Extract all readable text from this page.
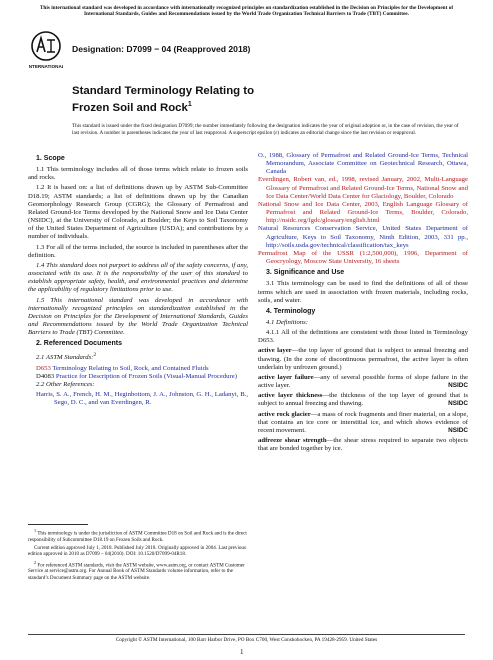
This international standard was developed in accordance with internationally recognized principles on standardization established in the Decision on Principles for the Development of International Standards, Guides and Recommendations issued by the World Trade Organization Technical Barriers to Trade (TBT) Committee.
INTERNATIONAL
Designation: D7099 − 04 (Reapproved 2018)
Standard Terminology Relating to Frozen Soil and Rock$^1$
This standard is issued under the fixed designation D7099; the number immediately following the designation indicates the year of original adoption or, in the case of revision, the year of last revision. A number in parentheses indicates the year of last reapproval. A superscript epsilon (ε) indicates an editorial change since the last revision or reapproval.
1. Scope
1.1 This terminology includes all of those terms which relate to frozen soils and rocks.
1.2 It is based on: a list of definitions drawn up by ASTM Sub-Committee D18.19; ASTM standards; a list of definitions drawn up by the Canadian Geomorphology Research Group (CGRG); the Glossary of Permafrost and Related Ground-Ice Terms developed by the National Snow and Ice Data Center (NSIDC), at the University of Colorado, at Boulder; the Keys to Soil Taxonomy of the United States Department of Agriculture (USDA); and contributions by a number of individuals.
1.3 For all of the terms included, the source is included in parentheses after the definition.
1.4 This standard does not purport to address all of the safety concerns, if any, associated with its use. It is the responsibility of the user of this standard to establish appropriate safety, health, and environmental practices and determine the applicability of regulatory limitations prior to use.
1.5 This international standard was developed in accordance with internationally recognized principles on standardization established in the Decision on Principles for the Development of International Standards, Guides and Recommendations issued by the World Trade Organization Technical Barriers to Trade (TBT) Committee.
2. Referenced Documents
2.1 ASTM Standards:$^2$
D653 Terminology Relating to Soil, Rock, and Contained Fluids
D4083 Practice for Description of Frozen Soils (Visual-Manual Procedure)
2.2 Other References:
Harris, S. A., French, H. M., Heginbottom, J. A., Johnston, G. H., Ladanyi, B., Sego, D. C., and van Everdingen, R.
$^1$ This terminology is under the jurisdiction of ASTM Committee D18 on Soil and Rock and is the direct responsibility of Subcommittee D18.19 on Frozen Soils and Rock.
Current edition approved July 1, 2018. Published July 2018. Originally approved in 2004. Last previous edition approved in 2010 as D7099 – 04(2010). DOI: 10.1520/D7099-04R18.
$^2$ For referenced ASTM standards, visit the ASTM website, www.astm.org, or contact ASTM Customer Service at service@astm.org. For Annual Book of ASTM Standards volume information, refer to the standard’s Document Summary page on the ASTM website.
O., 1988, Glossary of Permafrost and Related Ground-Ice Terms, Technical Memorandum, Associate Committee on Geotechnical Research, Ottawa, Canada
Everdingen, Robert van, ed., 1998, revised January, 2002, Multi-Language Glossary of Permafrost and Related Ground-Ice Terms, National Snow and Ice Data Center/World Data Center for Glaciology, Boulder, Colorado
National Snow and Ice Data Center, 2003, English Language Glossary of Permafrost and Related Ground-Ice Terms, Boulder, Colorado, http://nsidc.org/fgdc/glossary/english.html
Natural Resources Conservation Service, United States Department of Agriculture, Keys to Soil Taxonomy, Ninth Edition, 2003, 331 pp., http://soils.usda.gov/technical/classification/tax_keys
Permafrost Map of the USSR (1:2,500,000), 1996, Department of Geocryology, Moscow State University, 16 sheets
3. Significance and Use
3.1 This terminology can be used to find the definitions of all of those terms which are used in association with frozen materials, including rocks, soils, and water.
4. Terminology
4.1 Definitions:
4.1.1 All of the definitions are consistent with those listed in Terminology D653.
active layer—the top layer of ground that is subject to annual freezing and thawing. (In the zone of discontinuous permafrost, the active layer is often underlain by unfrozen ground.)
active layer failure—any of several possible forms of slope failure in the active layer.	NSIDC
active layer thickness—the thickness of the top layer of ground that is subject to annual freezing and thawing.	NSIDC
active rock glacier—a mass of rock fragments and finer material, on a slope, that contains an ice core or interstitial ice, and which shows evidence of recent movement.	NSIDC
adfreeze shear strength—the shear stress required to separate two objects that are bonded together by ice.
Copyright © ASTM International, 100 Barr Harbor Drive, PO Box C700, West Conshohocken, PA 19428-2959. United States
1
